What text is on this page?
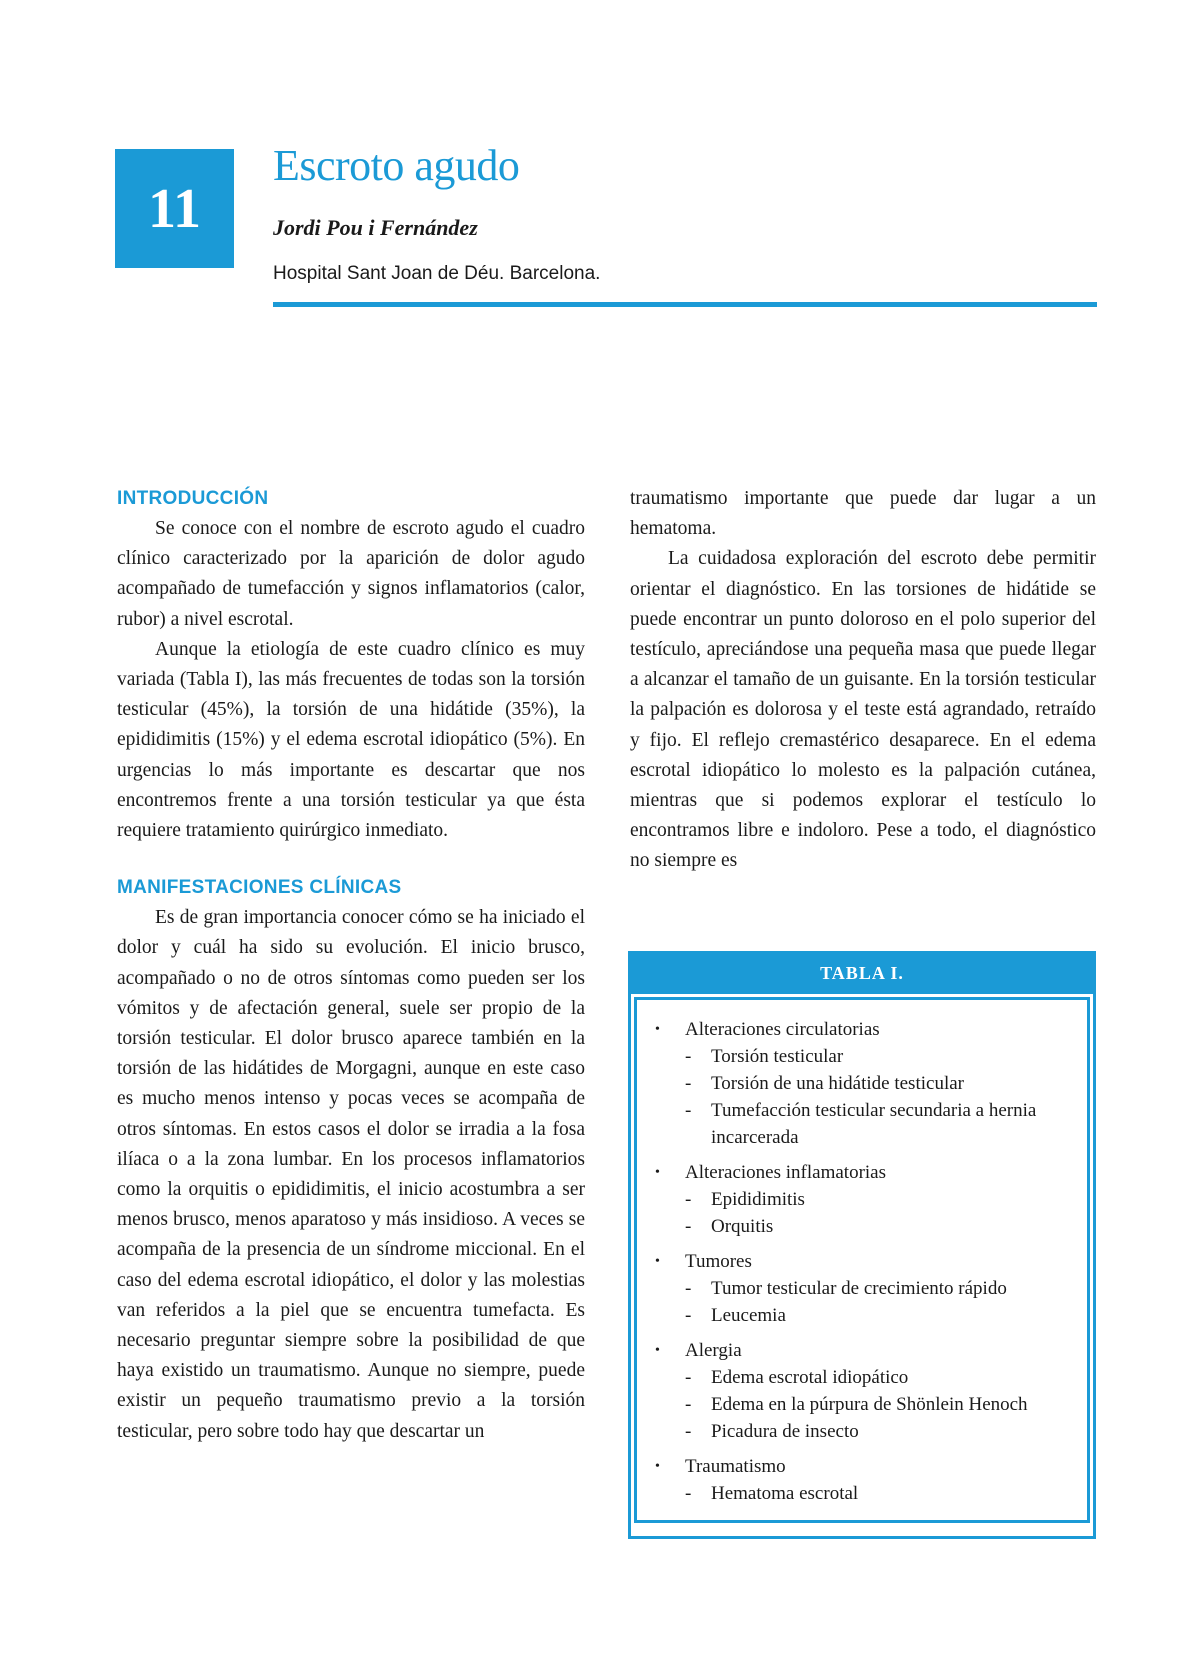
11
Escroto agudo
Jordi Pou i Fernández
Hospital Sant Joan de Déu. Barcelona.
INTRODUCCIÓN

Se conoce con el nombre de escroto agudo el cuadro clínico caracterizado por la aparición de dolor agudo acompañado de tumefacción y signos inflamatorios (calor, rubor) a nivel escrotal.

Aunque la etiología de este cuadro clínico es muy variada (Tabla I), las más frecuentes de todas son la torsión testicular (45%), la torsión de una hidátide (35%), la epididimitis (15%) y el edema escrotal idiopático (5%). En urgencias lo más importante es descartar que nos encontremos frente a una torsión testicular ya que ésta requiere tratamiento quirúrgico inmediato.

MANIFESTACIONES CLÍNICAS

Es de gran importancia conocer cómo se ha iniciado el dolor y cuál ha sido su evolución. El inicio brusco, acompañado o no de otros síntomas como pueden ser los vómitos y de afectación general, suele ser propio de la torsión testicular. El dolor brusco aparece también en la torsión de las hidátides de Morgagni, aunque en este caso es mucho menos intenso y pocas veces se acompaña de otros síntomas. En estos casos el dolor se irradia a la fosa ilíaca o a la zona lumbar. En los procesos inflamatorios como la orquitis o epididimitis, el inicio acostumbra a ser menos brusco, menos aparatoso y más insidioso. A veces se acompaña de la presencia de un síndrome miccional. En el caso del edema escrotal idiopático, el dolor y las molestias van referidos a la piel que se encuentra tumefacta. Es necesario preguntar siempre sobre la posibilidad de que haya existido un traumatismo. Aunque no siempre, puede existir un pequeño traumatismo previo a la torsión testicular, pero sobre todo hay que descartar un

traumatismo importante que puede dar lugar a un hematoma.

La cuidadosa exploración del escroto debe permitir orientar el diagnóstico. En las torsiones de hidátide se puede encontrar un punto doloroso en el polo superior del testículo, apreciándose una pequeña masa que puede llegar a alcanzar el tamaño de un guisante. En la torsión testicular la palpación es dolorosa y el teste está agrandado, retraído y fijo. El reflejo cremastérico desaparece. En el edema escrotal idiopático lo molesto es la palpación cutánea, mientras que si podemos explorar el testículo lo encontramos libre e indoloro. Pese a todo, el diagnóstico no siempre es

TABLA I.
•	Alteraciones circulatorias
-	Torsión testicular
-	Torsión de una hidátide testicular
-	Tumefacción testicular secundaria a hernia incarcerada
•	Alteraciones inflamatorias
-	Epididimitis
-	Orquitis
•	Tumores
-	Tumor testicular de crecimiento rápido
-	Leucemia
•	Alergia
-	Edema escrotal idiopático
-	Edema en la púrpura de Shönlein Henoch
-	Picadura de insecto
•	Traumatismo
-	Hematoma escrotal
